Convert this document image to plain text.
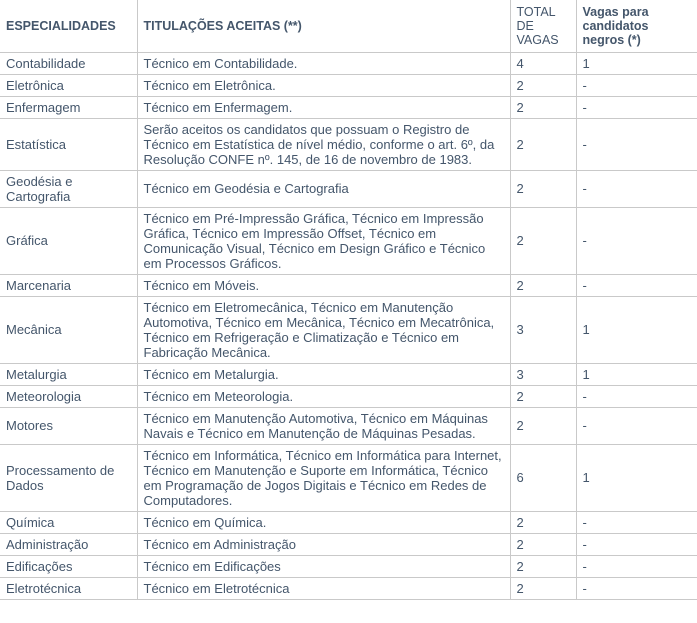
ESPECIALIDADES	TITULAÇÕES ACEITAS (**)	TOTAL DE VAGAS	Vagas para candidatos negros (*)
Contabilidade	Técnico em Contabilidade.	4	1
Eletrônica	Técnico em Eletrônica.	2	-
Enfermagem	Técnico em Enfermagem.	2	-
Estatística	Serão aceitos os candidatos que possuam o Registro de Técnico em Estatística de nível médio, conforme o art. 6º, da Resolução CONFE nº. 145, de 16 de novembro de 1983.	2	-
Geodésia e Cartografia	Técnico em Geodésia e Cartografia	2	-
Gráfica	Técnico em Pré-Impressão Gráfica, Técnico em Impressão Gráfica, Técnico em Impressão Offset, Técnico em Comunicação Visual, Técnico em Design Gráfico e Técnico em Processos Gráficos.	2	-
Marcenaria	Técnico em Móveis.	2	-
Mecânica	Técnico em Eletromecânica, Técnico em Manutenção Automotiva, Técnico em Mecânica, Técnico em Mecatrônica, Técnico em Refrigeração e Climatização e Técnico em Fabricação Mecânica.	3	1
Metalurgia	Técnico em Metalurgia.	3	1
Meteorologia	Técnico em Meteorologia.	2	-
Motores	Técnico em Manutenção Automotiva, Técnico em Máquinas Navais e Técnico em Manutenção de Máquinas Pesadas.	2	-
Processamento de Dados	Técnico em Informática, Técnico em Informática para Internet, Técnico em Manutenção e Suporte em Informática, Técnico em Programação de Jogos Digitais e Técnico em Redes de Computadores.	6	1
Química	Técnico em Química.	2	-
Administração	Técnico em Administração	2	-
Edificações	Técnico em Edificações	2	-
Eletrotécnica	Técnico em Eletrotécnica	2	-
